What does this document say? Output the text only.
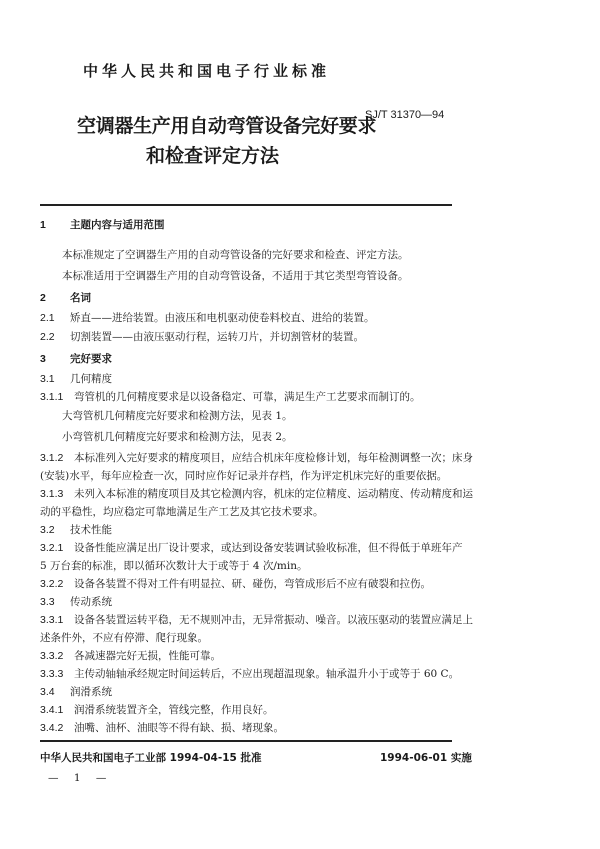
中华人民共和国电子行业标准
SJ/T 31370—94
空调器生产用自动弯管设备完好要求
和检查评定方法
1 主题内容与适用范围
本标准规定了空调器生产用的自动弯管设备的完好要求和检查、评定方法。
本标准适用于空调器生产用的自动弯管设备，不适用于其它类型弯管设备。
2 名词
2.1 矫直——进给装置。由液压和电机驱动使卷料校直、进给的装置。
2.2 切割装置——由液压驱动行程，运转刀片，并切割管材的装置。
3 完好要求
3.1 几何精度
3.1.1 弯管机的几何精度要求是以设备稳定、可靠，满足生产工艺要求而制订的。
大弯管机几何精度完好要求和检测方法，见表 1。
小弯管机几何精度完好要求和检测方法，见表 2。
3.1.2 本标准列入完好要求的精度项目，应结合机床年度检修计划，每年检测调整一次；床身
(安装)水平，每年应检查一次，同时应作好记录并存档，作为评定机床完好的重要依据。
3.1.3 未列入本标准的精度项目及其它检测内容，机床的定位精度、运动精度、传动精度和运
动的平稳性，均应稳定可靠地满足生产工艺及其它技术要求。
3.2 技术性能
3.2.1 设备性能应满足出厂设计要求，或达到设备安装调试验收标准，但不得低于单班年产
5 万台套的标准，即以循环次数计大于或等于 4 次/min。
3.2.2 设备各装置不得对工件有明显拉、研、碰伤，弯管成形后不应有破裂和拉伤。
3.3 传动系统
3.3.1 设备各装置运转平稳，无不规则冲击，无异常振动、噪音。以液压驱动的装置应满足上
述条件外，不应有停滞、爬行现象。
3.3.2 各减速器完好无损，性能可靠。
3.3.3 主传动轴轴承经规定时间运转后，不应出现超温现象。轴承温升小于或等于 60 C。
3.4 润滑系统
3.4.1 润滑系统装置齐全，管线完整，作用良好。
3.4.2 油嘴、油杯、油眼等不得有缺、损、堵现象。
中华人民共和国电子工业部 1994-04-15 批准	1994-06-01 实施
— 1 —
